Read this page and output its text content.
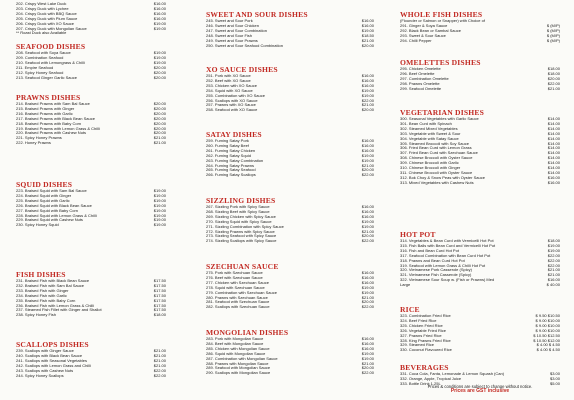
202. Crispy West Lake Duck	$16.00
203. Crispy Duck with Lychee	$16.00
204. Crispy Duck with BBQ Sauce	$16.00
205. Crispy Duck with Plum Sauce	$16.00
206. Crispy Duck with XO Sauce	$19.00
207. Crispy Duck with Mongolian Sauce	$19.00
** Roast Duck also Available
SEAFOOD DISHES
208. Seafood with Soya Sauce	$19.00
209. Combination Seafood	$19.00
210. Seafood with Lemongrass & Chilli	$19.00
211. Empire Seafood	$20.00
212. Spicy Honey Seafood	$20.00
213. Seafood Ginger Garlic Sauce	$20.00
PRAWNS DISHES
214. Braised Prawns with Sam Bal Sauce	$20.00
215. Braised Prawns with Ginger	$20.00
216. Braised Prawns with Garlic	$20.00
217. Braised Prawns with Black Bean Sauce	$20.00
218. Braised Prawns with Baby Corn	$20.00
219. Braised Prawns with Lemon Grass & Chilli	$20.00
220. Braised Prawns with Cashew Nuts	$20.00
221. Spicy Honey Prawns	$21.00
222. Honey Prawns	$21.00
SQUID DISHES
223. Braised Squid with Sam Bal Sauce	$19.00
224. Braised Squid with Ginger	$19.00
225. Braised Squid with Garlic	$19.00
226. Braised Squid with Black Bean Sauce	$19.00
227. Braised Squid with Baby Corn	$19.00
228. Braised Squid with Lemon Grass & Chilli	$19.00
229. Braised Squid with Cashew Nuts	$19.00
230. Spicy Honey Squid	$19.00
FISH DISHES
231. Braised Fish with Black Bean Sauce	$17.50
232. Braised Fish with Sam Bal Sauce	$17.50
233. Braised Fish with Ginger	$17.50
234. Braised Fish with Garlic	$17.50
235. Braised Fish with Baby Corn	$17.50
236. Braised Fish with Lemon Grass & Chilli	$17.50
237. Steamed Fish Fillet with Ginger and Shallot	$17.50
238. Spicy Honey Fish	$18.00
SCALLOPS DISHES
239. Scallops with Ginger Sauce	$21.00
240. Scallops with Black Bean Sauce	$21.00
241. Scallops with Seasonal Vegetables	$21.00
242. Scallops with Lemon Grass and Chilli	$21.00
243. Scallops with Cashew Nuts	$22.00
244. Spicy Honey Scallops	$22.00
SWEET AND SOUR DISHES
245. Sweet and Sour Pork	$16.00
246. Sweet and Sour Chicken	$16.00
247. Sweet and Sour Combination	$19.00
248. Sweet and Sour Fish	$18.50
249. Sweet and Sour Prawns	$21.00
250. Sweet and Sour Seafood Combination	$20.00
XO SAUCE DISHES
251. Pork with XO Sauce	$16.00
252. Beef with XO Sauce	$16.00
253. Chicken with XO Sauce	$16.00
254. Squid with XO Sauce	$19.00
255. Combination with XO Sauce	$19.00
256. Scallops with XO Sauce	$22.00
257. Prawns with XO Sauce	$21.00
258. Seafood with XO Sauce	$20.00
SATAY DISHES
259. Fuming Satay Pork	$16.00
260. Fuming Satay Beef	$16.00
261. Fuming Satay Chicken	$16.00
262. Fuming Satay Squid	$19.00
263. Fuming Satay Combination	$19.00
264. Fuming Satay Prawns	$21.00
265. Fuming Satay Seafood	$20.00
266. Fuming Satay Scallops	$22.00
SIZZLING DISHES
267. Sizzling Pork with Spicy Sauce	$16.00
268. Sizzling Beef with Spicy Sauce	$16.00
269. Sizzling Chicken with Spicy Sauce	$16.00
270. Sizzling Squid with Spicy Sauce	$19.00
271. Sizzling Combination with Spicy Sauce	$19.00
272. Sizzling Prawns with Spicy Sauce	$21.00
273. Sizzling Seafood with Spicy Sauce	$20.00
274. Sizzling Scallops with Spicy Sauce	$22.00
SZECHUAN SAUCE
275. Pork with Szechuan Sauce	$16.00
276. Beef with Szechuan Sauce	$16.00
277. Chicken with Szechuan Sauce	$16.00
278. Squid with Szechuan Sauce	$19.00
279. Combination with Szechuan Sauce	$19.00
280. Prawns with Szechuan Sauce	$21.00
281. Seafood with Szechuan Sauce	$20.00
282. Scallops with Szechuan Sauce	$22.00
MONGOLIAN DISHES
283. Pork with Mongolian Sauce	$16.00
284. Beef with Mongolian Sauce	$16.00
285. Chicken with Mongolian Sauce	$16.00
286. Squid with Mongolian Sauce	$19.00
287. Combination with Mongolian Sauce	$19.00
288. Prawns with Mongolian Sauce	$21.00
289. Seafood with Mongolian Sauce	$20.00
290. Scallops with Mongolian Sauce	$22.00
WHOLE FISH DISHES
(Flounder or Salmon or Snapper) with Choice of
291. Ginger & Soya Sauce	$ (M/P)
292. Black Bean or Sambal Sauce	$ (M/P)
293. Sweet & Sour Sauce	$ (M/P)
294. Chilli Pepper	$ (M/P)
OMELETTES DISHES
295. Chicken Omelette	$18.00
296. Beef Omelette	$18.00
297. Combination Omelette	$20.00
298. Prawns Omelette	$22.00
299. Seafood Omelette	$21.00
VEGETARIAN DISHES
300. Seasonal Vegetables with Garlic Sauce	$14.00
301. Bean Curd with Spinach	$14.00
302. Steamed Mixed Vegetables	$14.00
303. Vegetable with Sweet & Sour	$14.00
304. Vegetable with Satay Sauce	$14.00
305. Steamed Broccoli with Soy Sauce	$14.00
306. Fried Bean Curd with Lemon Grass	$14.00
307. Fried Bean Curd with Szechuan Sauce	$14.00
308. Chinese Broccoli with Oyster Sauce	$14.00
309. Chinese Broccoli with Garlic	$14.00
310. Chinese Broccoli with Ginger	$14.00
311. Chinese Broccoli with Oyster Sauce	$14.00
312. Bok Choy & Snow Peas with Oyster Sauce	$16.00
313. Mixed Vegetables with Cashew Nuts	$16.00
HOT POT
314. Vegetables & Bean Curd with Vermicelli Hot Pot	$18.00
315. Fish Balls with Bean Curd and Vermicelli Hot Pot	$19.00
316. Fish and Bean Curd Hot Pot	$19.00
317. Seafood Combination with Bean Curd Hot Pot	$22.00
318. Prawns and Bean Curd Hot Pot	$22.00
319. Seafood with Lemon Grass & Chilli Hot Pot	$22.00
320. Vietnamese Pork Casserole (Spicy)	$21.00
321. Vietnamese Fish Casserole (Spicy)	$21.00
322. Vietnamese Sour Soup w. (Fish or Prawns) Med	$16.00
Large	$ 40.00
RICE
323. Combination Fried Rice	$ 9.50 $10.50
324. Beef Fried Rice	$ 9.00 $10.00
325. Chicken Fried Rice	$ 9.00 $10.00
326. Vegetable Fried Rice	$ 9.00 $10.00
327. Prawns Fried Rice	$ 10.50 $12.50
328. King Prawns Fried Rice	$ 10.50 $12.00
329. Steamed Rice	$ 4.00 $ 4.50
330. Coconut Flavoured Rice	$ 4.00 $ 4.50
BEVERAGES
331. Coca Cola, Fanta, Lemonade & Lemon Squash (Can)	$3.00
332. Orange, Apple, Tropical Juice	$3.00
333. Bottle Drink 1.25L	$5.00
Prices & conditions are subject to change without notice.
Prices are GST inclusive
